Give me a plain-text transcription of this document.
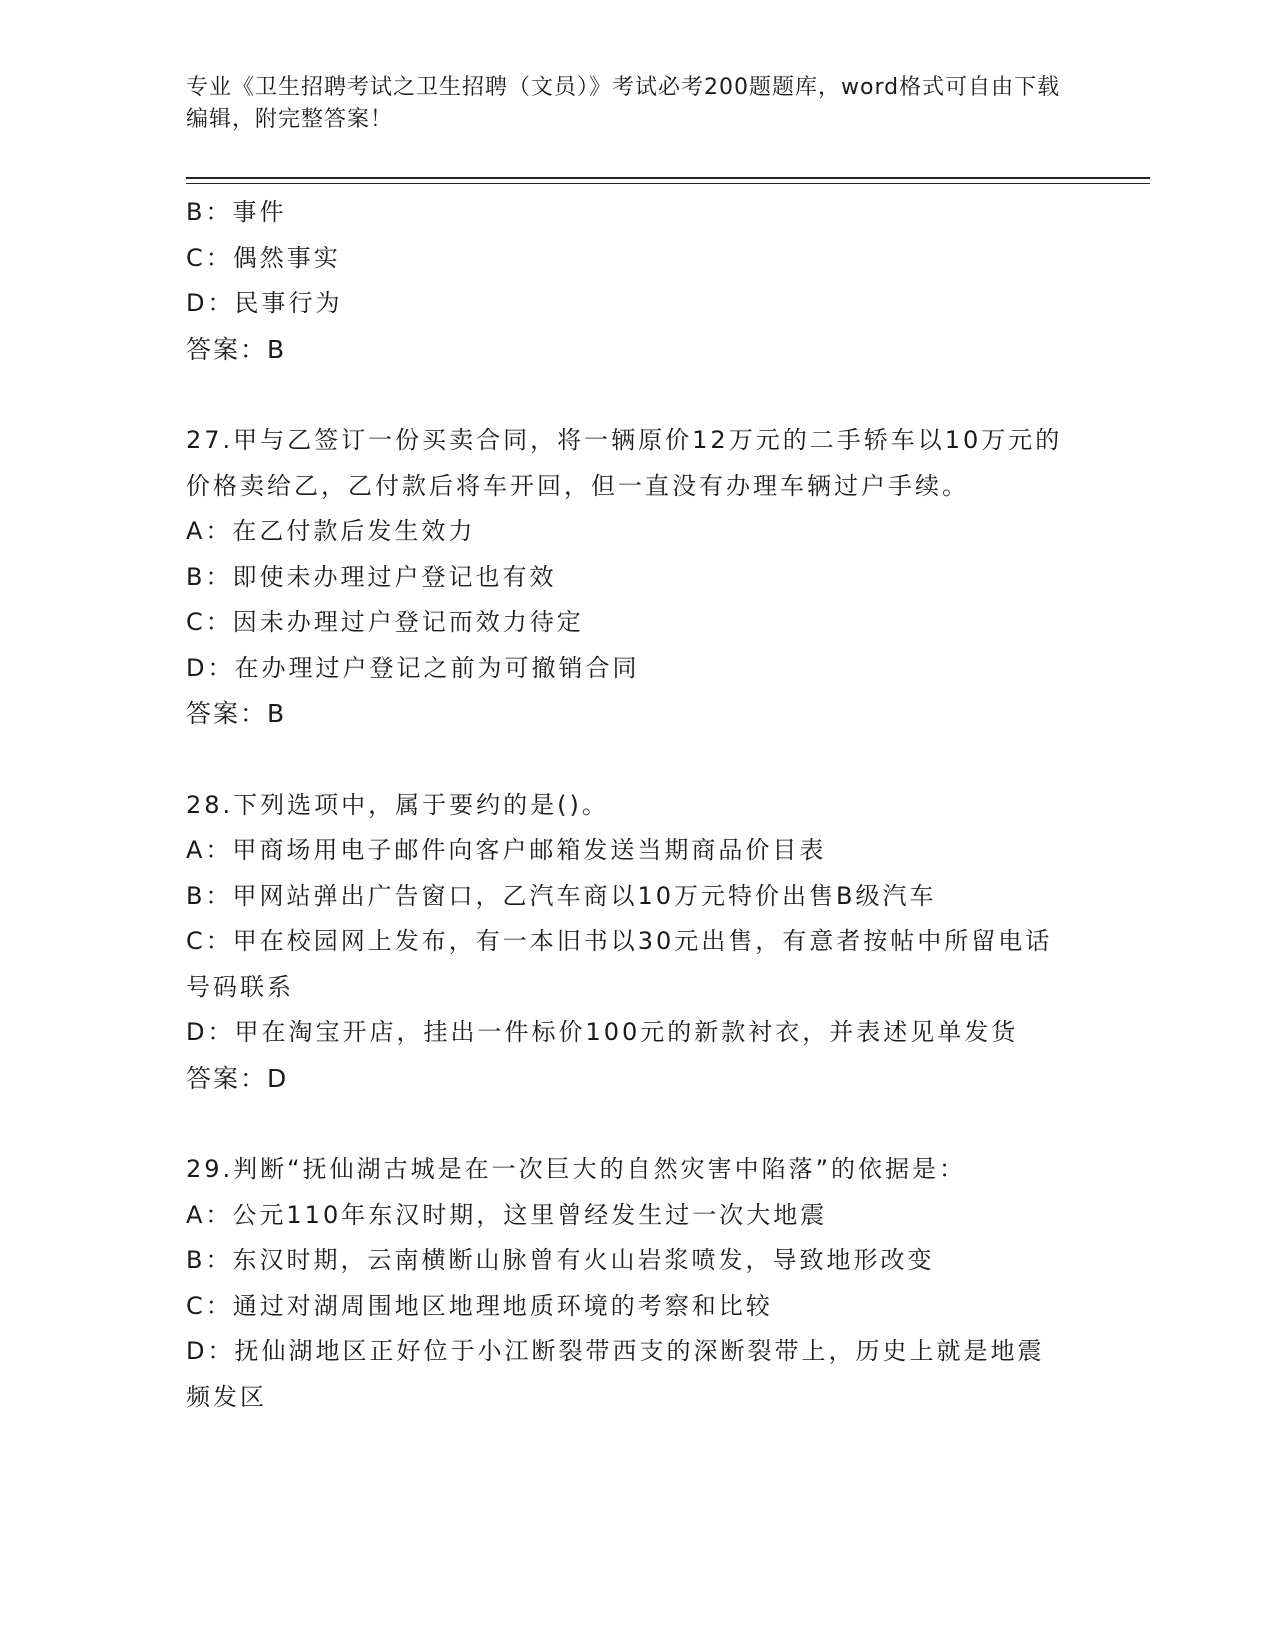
专业《卫生招聘考试之卫生招聘（文员）》考试必考200题题库，word格式可自由下载编辑，附完整答案！
B：事件
C：偶然事实
D：民事行为
答案：B
27.甲与乙签订一份买卖合同，将一辆原价12万元的二手轿车以10万元的价格卖给乙，乙付款后将车开回，但一直没有办理车辆过户手续。
A：在乙付款后发生效力
B：即使未办理过户登记也有效
C：因未办理过户登记而效力待定
D：在办理过户登记之前为可撤销合同
答案：B
28.下列选项中，属于要约的是()。
A：甲商场用电子邮件向客户邮箱发送当期商品价目表
B：甲网站弹出广告窗口，乙汽车商以10万元特价出售B级汽车
C：甲在校园网上发布，有一本旧书以30元出售，有意者按帖中所留电话号码联系
D：甲在淘宝开店，挂出一件标价100元的新款衬衣，并表述见单发货
答案：D
29.判断“抚仙湖古城是在一次巨大的自然灾害中陷落”的依据是：
A：公元110年东汉时期，这里曾经发生过一次大地震
B：东汉时期，云南横断山脉曾有火山岩浆喷发，导致地形改变
C：通过对湖周围地区地理地质环境的考察和比较
D：抚仙湖地区正好位于小江断裂带西支的深断裂带上，历史上就是地震频发区
